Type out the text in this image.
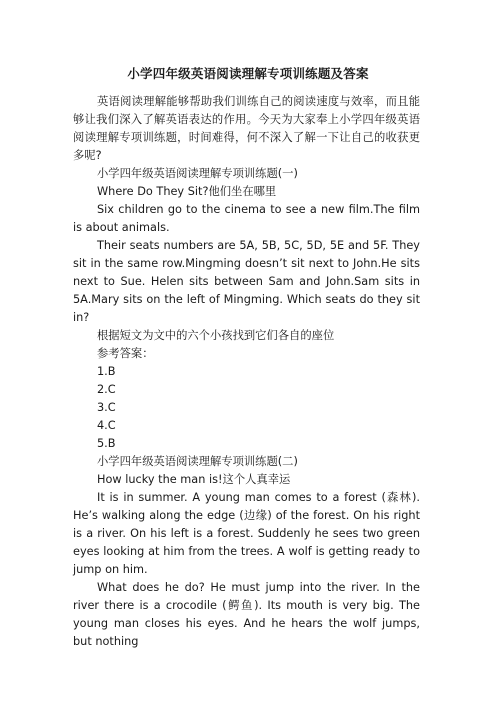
小学四年级英语阅读理解专项训练题及答案

英语阅读理解能够帮助我们训练自己的阅读速度与效率，而且能够让我们深入了解英语表达的作用。今天为大家奉上小学四年级英语阅读理解专项训练题，时间难得，何不深入了解一下让自己的收获更多呢?

小学四年级英语阅读理解专项训练题(一)

Where Do They Sit?他们坐在哪里

Six children go to the cinema to see a new film.The film is about animals.

Their seats numbers are 5A, 5B, 5C, 5D, 5E and 5F. They sit in the same row.Mingming doesn’t sit next to John.He sits next to Sue. Helen sits between Sam and John.Sam sits in 5A.Mary sits on the left of Mingming. Which seats do they sit in?

根据短文为文中的六个小孩找到它们各自的座位

参考答案：

1.B

2.C

3.C

4.C

5.B

小学四年级英语阅读理解专项训练题(二)

How lucky the man is!这个人真幸运

It is in summer. A young man comes to a forest (森林). He’s walking along the edge (边缘) of the forest. On his right is a river. On his left is a forest. Suddenly he sees two green eyes looking at him from the trees. A wolf is getting ready to jump on him.

What does he do? He must jump into the river. In the river there is a crocodile (鳄鱼). Its mouth is very big. The young man closes his eyes. And he hears the wolf jumps, but nothing
